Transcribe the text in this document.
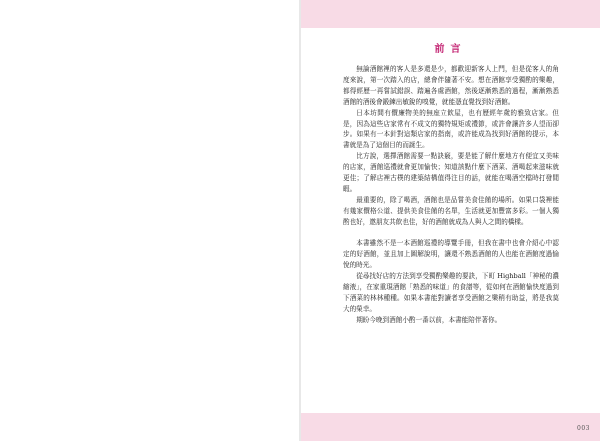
前言

無論酒館裡的客人是多還是少，都歡迎新客人上門，但是從客人的角度來說，第一次踏入的店，總會伴隨著不安。想在酒館享受獨酌的樂趣，都得經歷一再嘗試錯誤、踏遍各處酒館，然後逐漸熟悉的過程，漸漸熟悉酒館的酒後會鍛鍊出敏銳的嗅覺，就能憑直覺找到好酒館。

日本坊間有價廉物美的無座立飲屋，也有歷經年歲的雅致店家。但是，因為這些店家常有不成文的獨特規矩或禮節，或許會讓許多人望而卻步。如果有一本針對這類店家的指南，或許能成為找到好酒館的提示，本書就是為了這個目的而誕生。

比方說，選擇酒館需要一點訣竅，要是能了解什麼地方有便宜又美味的店家，酒館巡禮就會更加愉快；知道該點什麼下酒菜、酒喝起來滋味就更佳；了解店裡古樸的建築結構值得注目的話，就能在喝酒空檔時打發閒暇。

最重要的，除了喝酒，酒館也是品嘗美食佳餚的場所。如果口袋裡能有幾家價格公道、提供美食佳餚的名單，生活就更加豐富多彩。一個人獨酌也好，邀朋友共飲也佳，好的酒館就成為人與人之間的橋樑。

本書雖然不是一本酒館巡禮的導覽手冊，但我在書中也會介紹心中認定的好酒館，並且加上圖解說明，讓還不熟悉酒館的人也能在酒館度過愉悅的時光。

從尋找好店的方法到享受獨酌樂趣的要訣，下町 Highball「神秘的濃縮液」，在家重現酒館「熟悉的味道」的食譜等，從如何在酒館愉快度過到下酒菜的林林種種。如果本書能對讀者享受酒館之樂稍有助益，將是我莫大的榮幸。

期盼今晚到酒館小酌一番以前，本書能陪伴著你。

003
